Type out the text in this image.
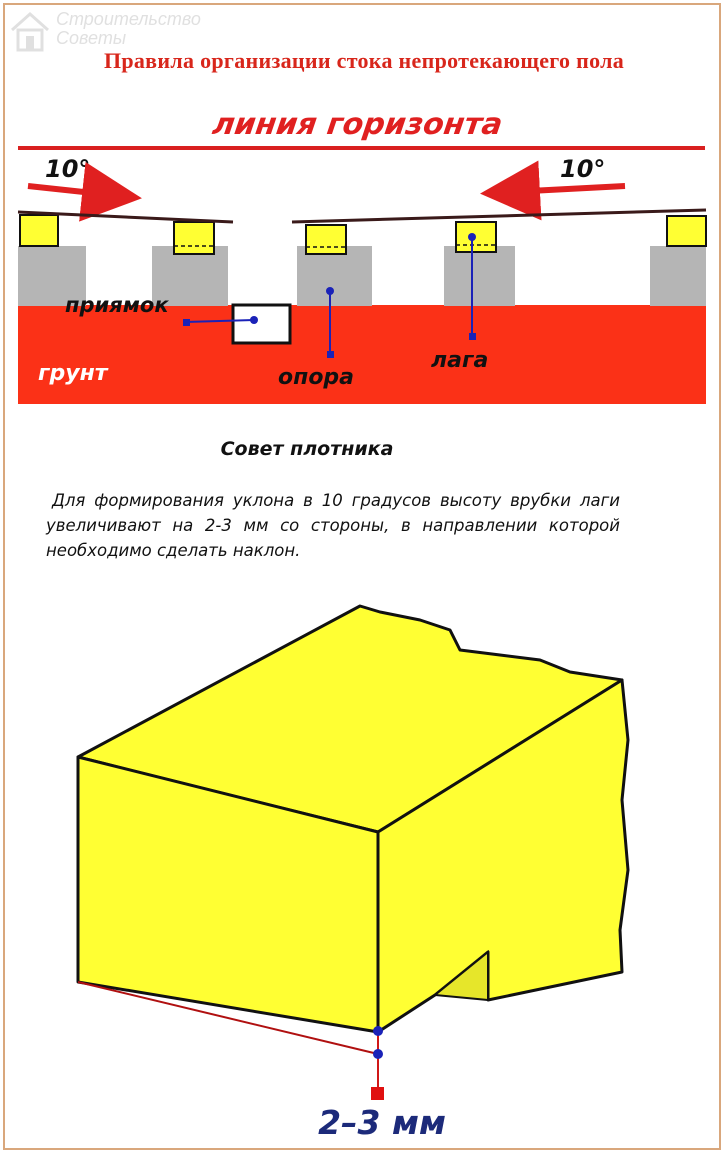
Строительство
Советы
Правила организации стока непротекающего пола
линия горизонта
10°	10°
приямок
грунт	опора
лага
Совет плотника
Для формирования уклона в 10 градусов высоту врубки лаги увеличивают на 2-3 мм со стороны, в направлении которой необходимо сделать наклон.
2–3 мм
